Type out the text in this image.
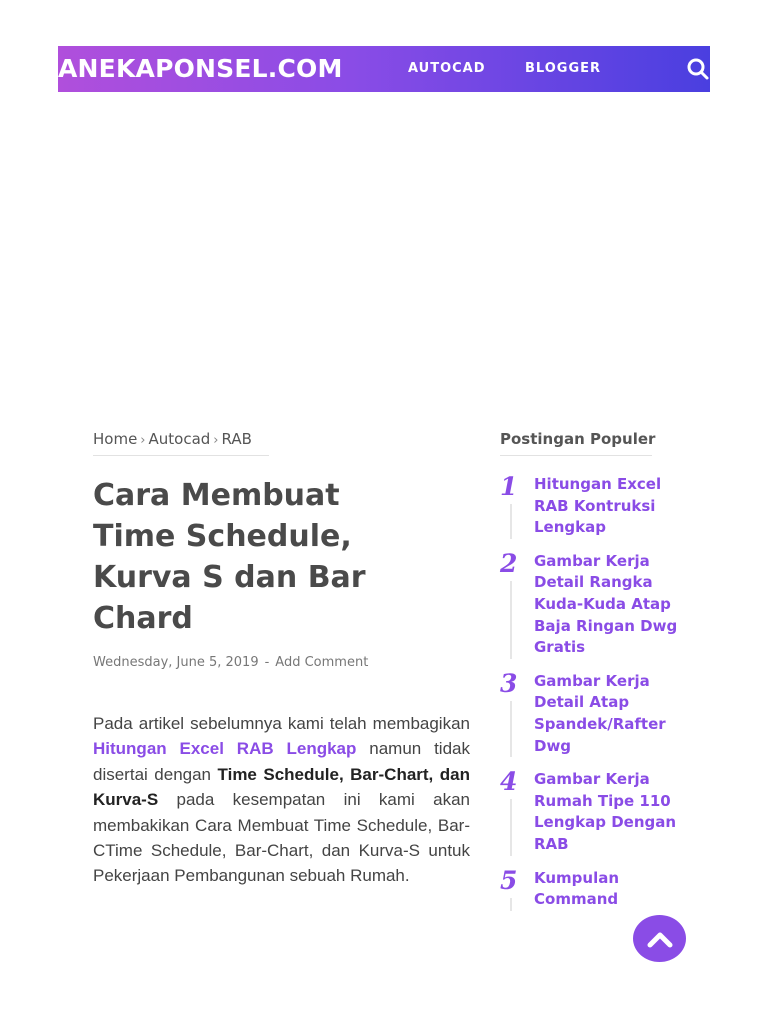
ANEKAPONSEL.COM	AUTOCAD	BLOGGER
Home › Autocad › RAB
Cara Membuat Time Schedule, Kurva S dan Bar Chard
Wednesday, June 5, 2019 - Add Comment
Pada artikel sebelumnya kami telah membagikan Hitungan Excel RAB Lengkap namun tidak disertai dengan Time Schedule, Bar-Chart, dan Kurva-S pada kesempatan ini kami akan membakikan Cara Membuat Time Schedule, Bar-CTime Schedule, Bar-Chart, dan Kurva-S untuk Pekerjaan Pembangunan sebuah Rumah.
Postingan Populer
1	Hitungan Excel RAB Kontruksi Lengkap
2	Gambar Kerja Detail Rangka Kuda-Kuda Atap Baja Ringan Dwg Gratis
3	Gambar Kerja Detail Atap Spandek/Rafter Dwg
4	Gambar Kerja Rumah Tipe 110 Lengkap Dengan RAB
5	Kumpulan Command
